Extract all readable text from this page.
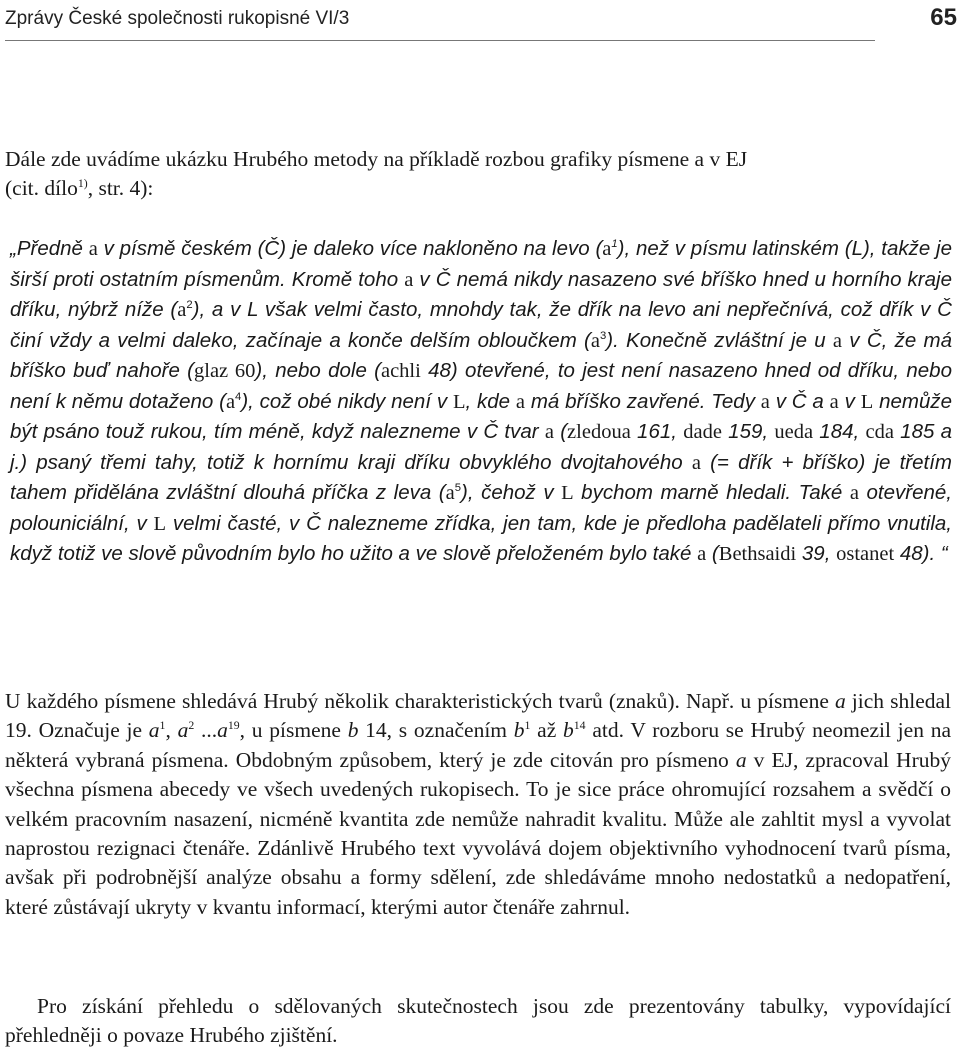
Zprávy České společnosti rukopisné VI/3	65

Dále zde uvádíme ukázku Hrubého metody na příkladě rozbou grafiky písmene a v EJ
(cit. dílo$^{1)}$, str. 4):

„Předně a v písmě českém (Č) je daleko více nakloněno na levo $(a^1)$, než v písmu latinském (L), takže je širší proti ostatním písmenům. Kromě toho a v Č nemá nikdy nasazeno své bříško hned u horního kraje dříku, nýbrž níže $(a^2)$, a v L však velmi často, mnohdy tak, že dřík na levo ani nepřečnívá, což dřík v Č činí vždy a velmi daleko, začínaje a konče delším obloučkem $(a^3)$. Konečně zvláštní je u a v Č, že má bříško buď nahoře (glaz 60), nebo dole (achli 48) otevřené, to jest není nasazeno hned od dříku, nebo není k němu dotaženo $(a^4)$, což obé nikdy není v L, kde a má bříško zavřené. Tedy a v Č a a v L nemůže být psáno touž rukou, tím méně, když nalezneme v Č tvar a (zledoua 161, dade 159, ueda 184, cda 185 a j.) psaný třemi tahy, totiž k hornímu kraji dříku obvyklého dvojtahového a (= dřík + bříško) je třetím tahem přidělána zvláštní dlouhá příčka z leva $(a^5)$, čehož v L bychom marně hledali. Také a otevřené, polouniciální, v L velmi časté, v Č nalezneme zřídka, jen tam, kde je předloha padělateli přímo vnutila, když totiž ve slově původním bylo ho užito a ve slově přeloženém bylo také a (Bethsaidi 39, ostanet 48). “

U každého písmene shledává Hrubý několik charakteristických tvarů (znaků). Např. u písmene a jich shledal 19. Označuje je $a^1$, $a^2$ $...a^{19}$, u písmene b 14, s označením $b^1$ až $b^{14}$ atd. V rozboru se Hrubý neomezil jen na některá vybraná písmena. Obdobným způsobem, který je zde citován pro písmeno a v EJ, zpracoval Hrubý všechna písmena abecedy ve všech uvedených rukopisech. To je sice práce ohromující rozsahem a svědčí o velkém pracovním nasazení, nicméně kvantita zde nemůže nahradit kvalitu. Může ale zahltit mysl a vyvolat naprostou rezignaci čtenáře. Zdánlivě Hrubého text vyvolává dojem objektivního vyhodnocení tvarů písma, avšak při podrobnější analýze obsahu a formy sdělení, zde shledáváme mnoho nedostatků a nedopatření, které zůstávají ukryty v kvantu informací, kterými autor čtenáře zahrnul.

Pro získání přehledu o sdělovaných skutečnostech jsou zde prezentovány tabulky, vypovídající přehledněji o povaze Hrubého zjištění.
